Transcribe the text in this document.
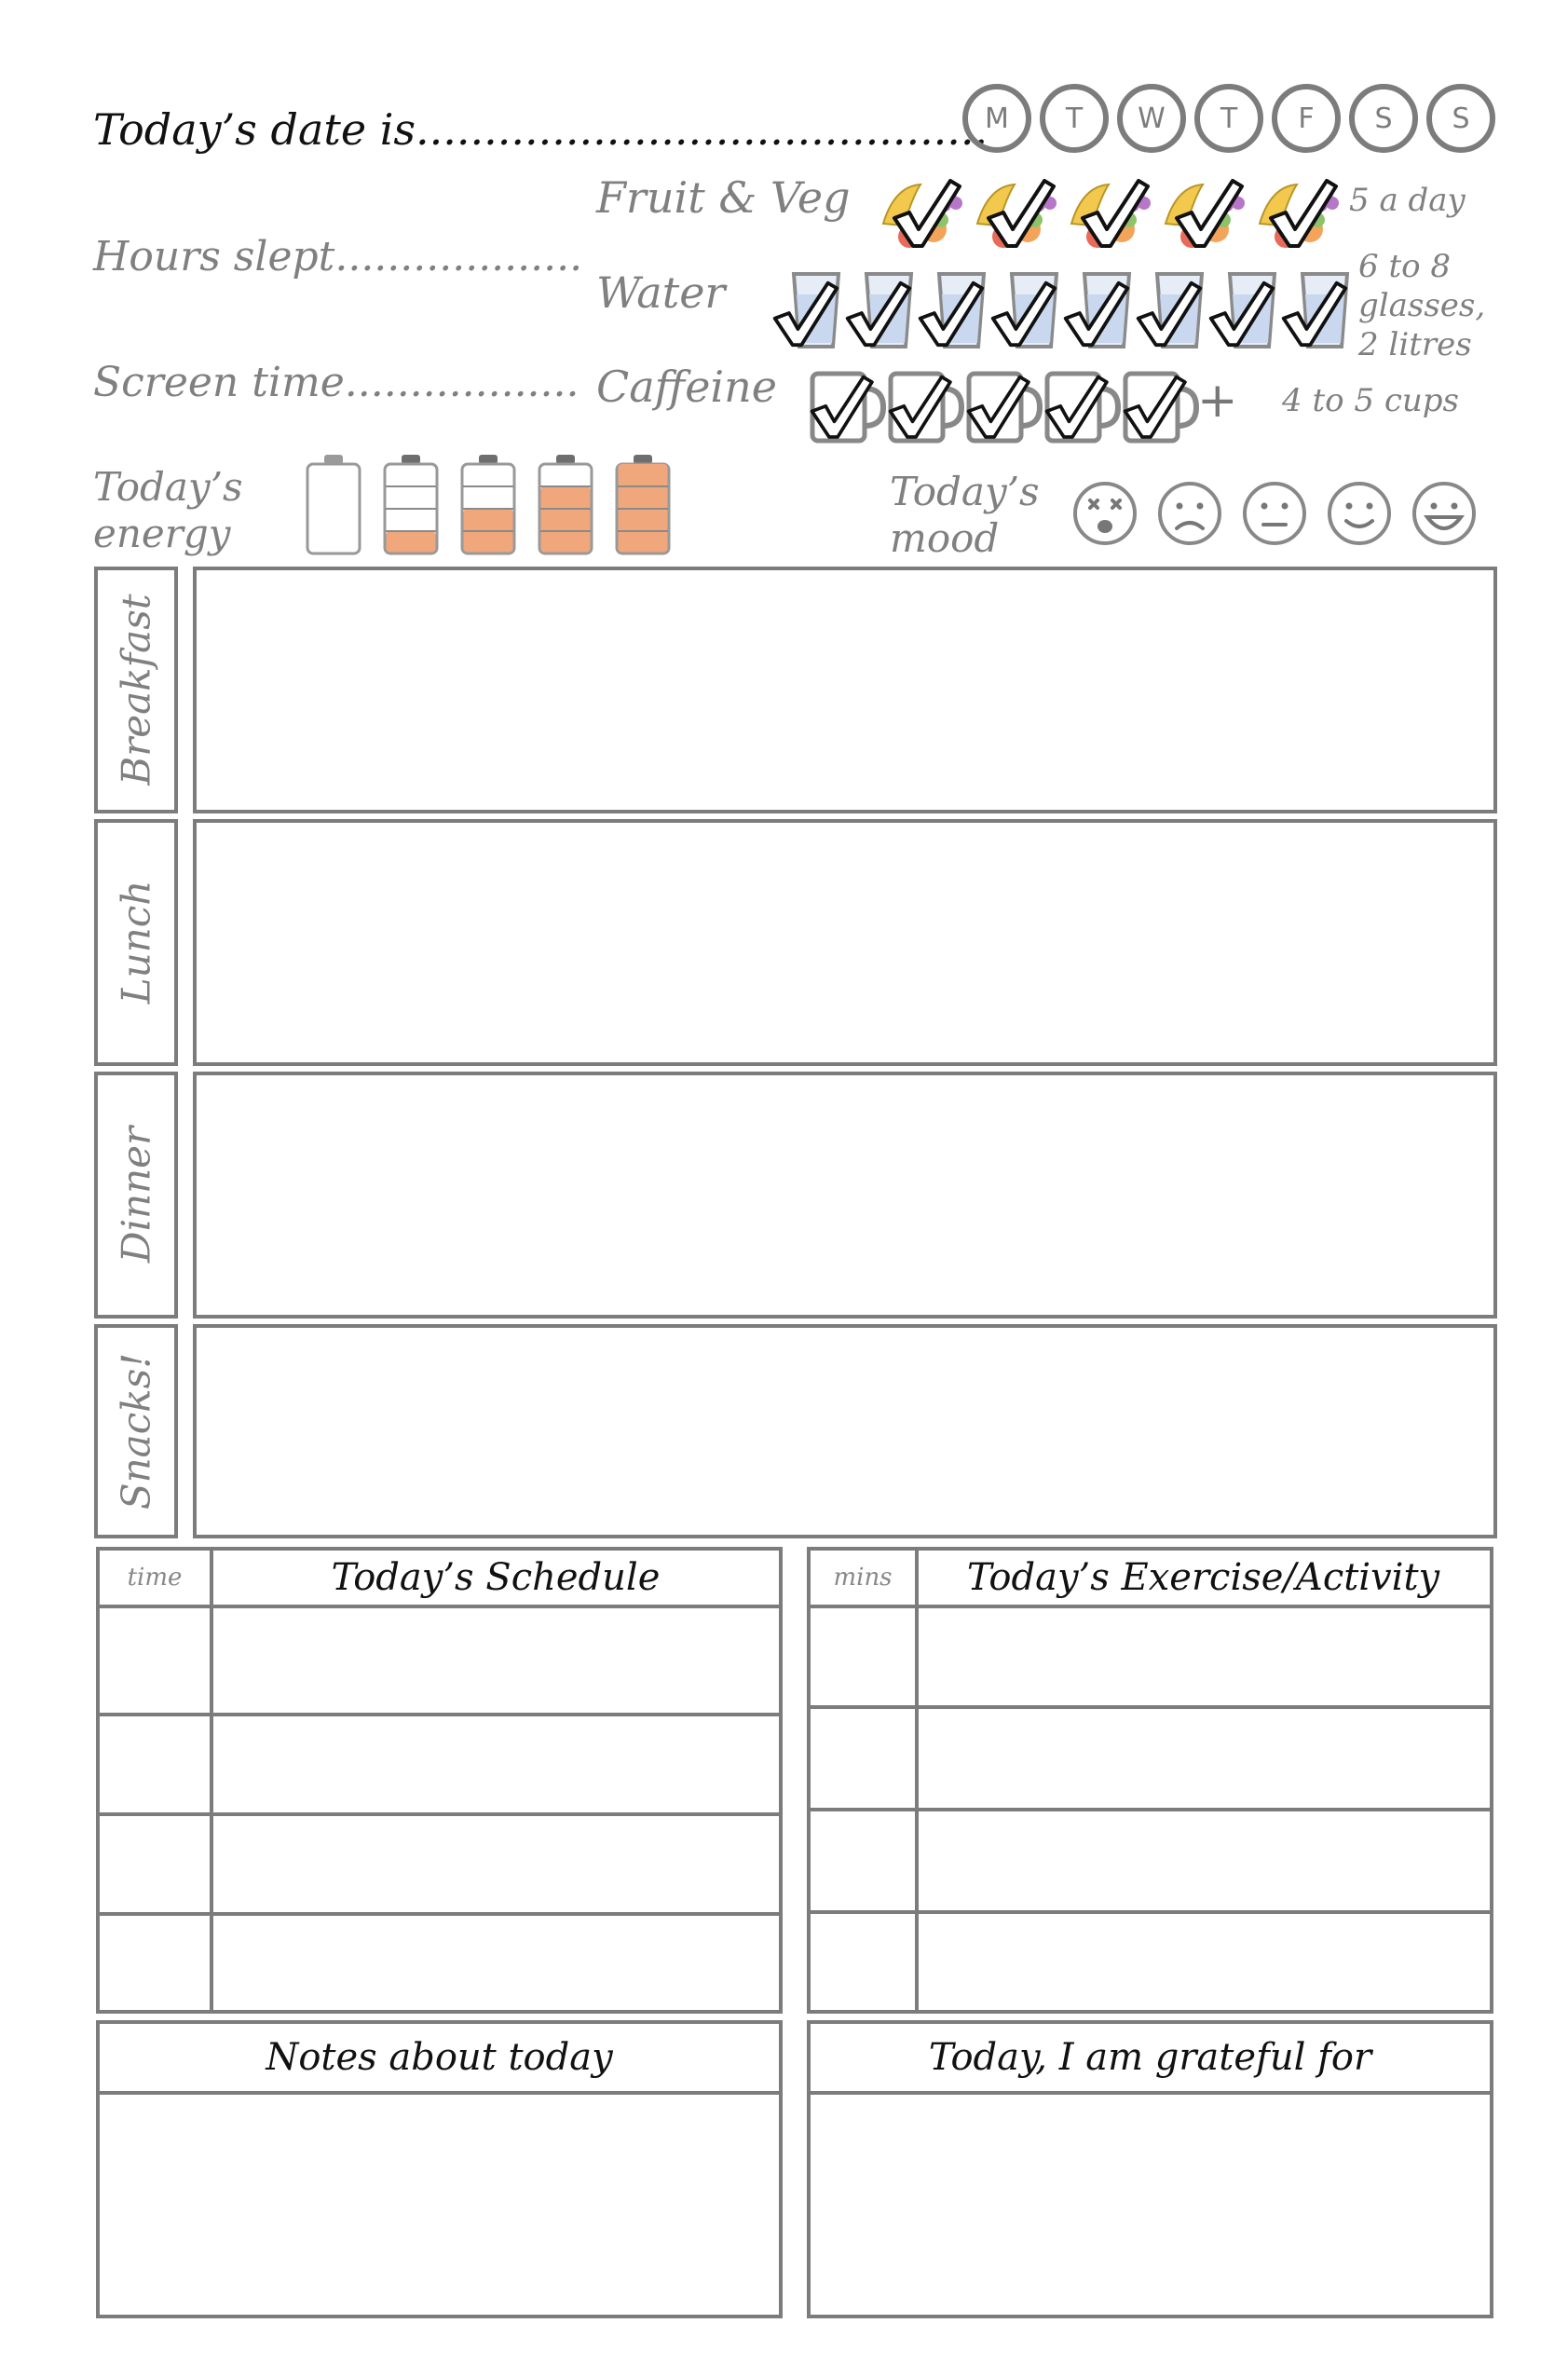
Today’s date is..........................................
M T W T F S S
Hours slept...................
Screen time..................
Fruit & Veg	5 a day
Water
6 to 8
glasses,
2 litres
Caffeine	+ 4 to 5 cups
Today’s
energy
Today’s
mood
Breakfast
Lunch
Dinner
Snacks!
time	Today’s Schedule	mins	Today’s Exercise/Activity
Notes about today	Today, I am grateful for
